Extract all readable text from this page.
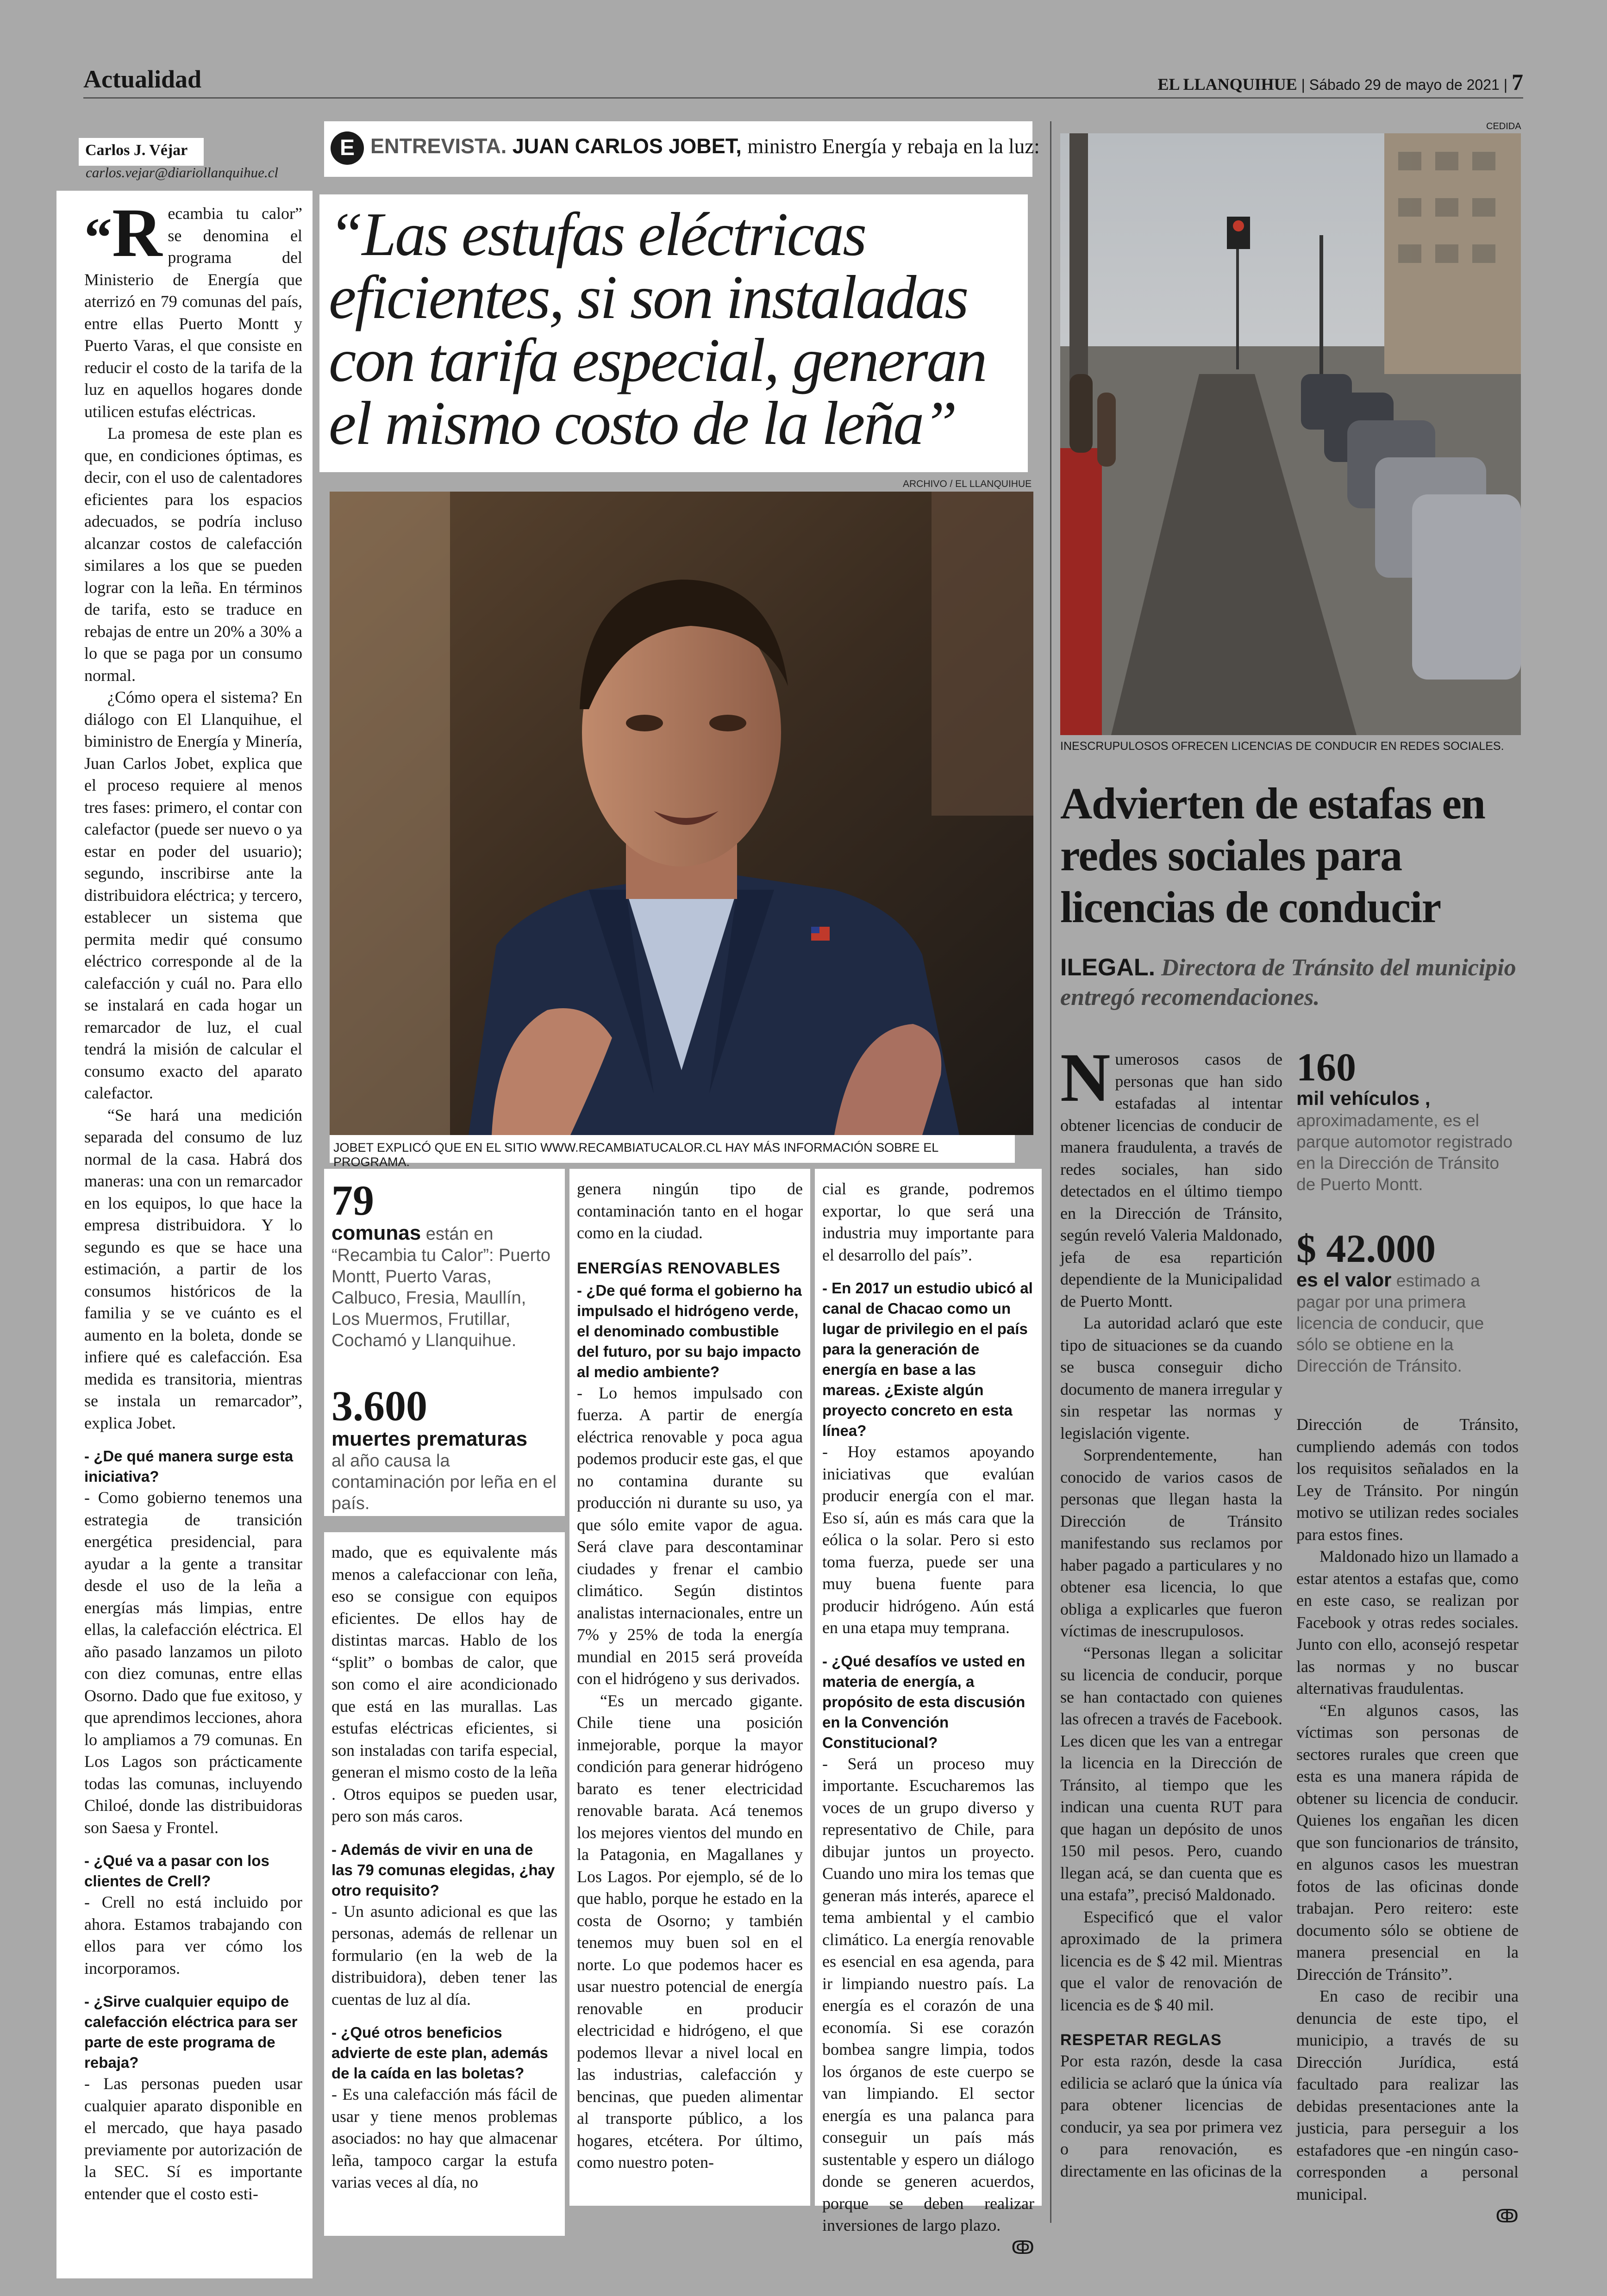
Actualidad	EL LLANQUIHUE | Sábado 29 de mayo de 2021 | 7
Carlos J. Véjar
carlos.vejar@diariollanquihue.cl

“R ecambia tu calor” se denomina el programa del Ministerio de Energía que aterrizó en 79 comunas del país, entre ellas Puerto Montt y Puerto Varas, el que consiste en reducir el costo de la tarifa de la luz en aquellos hogares donde utilicen estufas eléctricas.

La promesa de este plan es que, en condiciones óptimas, es decir, con el uso de calentadores eficientes para los espacios adecuados, se podría incluso alcanzar costos de calefacción similares a los que se pueden lograr con la leña. En términos de tarifa, esto se traduce en rebajas de entre un 20% a 30% a lo que se paga por un consumo normal.

¿Cómo opera el sistema? En diálogo con El Llanquihue, el biministro de Energía y Minería, Juan Carlos Jobet, explica que el proceso requiere al menos tres fases: primero, el contar con calefactor (puede ser nuevo o ya estar en poder del usuario); segundo, inscribirse ante la distribuidora eléctrica; y tercero, establecer un sistema que permita medir qué consumo eléctrico corresponde al de la calefacción y cuál no. Para ello se instalará en cada hogar un remarcador de luz, el cual tendrá la misión de calcular el consumo exacto del aparato calefactor.

“Se hará una medición separada del consumo de luz normal de la casa. Habrá dos maneras: una con un remarcador en los equipos, lo que hace la empresa distribuidora. Y lo segundo es que se hace una estimación, a partir de los consumos históricos de la familia y se ve cuánto es el aumento en la boleta, donde se infiere qué es calefacción. Esa medida es transitoria, mientras se instala un remarcador”, explica Jobet.

- ¿De qué manera surge esta iniciativa?

- Como gobierno tenemos una estrategia de transición energética presidencial, para ayudar a la gente a transitar desde el uso de la leña a energías más limpias, entre ellas, la calefacción eléctrica. El año pasado lanzamos un piloto con diez comunas, entre ellas Osorno. Dado que fue exitoso, y que aprendimos lecciones, ahora lo ampliamos a 79 comunas. En Los Lagos son prácticamente todas las comunas, incluyendo Chiloé, donde las distribuidoras son Saesa y Frontel.

- ¿Qué va a pasar con los clientes de Crell?

- Crell no está incluido por ahora. Estamos trabajando con ellos para ver cómo los incorporamos.

- ¿Sirve cualquier equipo de calefacción eléctrica para ser parte de este programa de rebaja?

- Las personas pueden usar cualquier aparato disponible en el mercado, que haya pasado previamente por autorización de la SEC. Sí es importante entender que el costo esti-

E ENTREVISTA. JUAN CARLOS JOBET, ministro Energía y rebaja en la luz:
“Las estufas eléctricas eficientes, si son instaladas con tarifa especial, generan el mismo costo de la leña”
ARCHIVO / EL LLANQUIHUE
JOBET EXPLICÓ QUE EN EL SITIO WWW.RECAMBIATUCALOR.CL HAY MÁS INFORMACIÓN SOBRE EL PROGRAMA.
79
comunas están en “Recambia tu Calor”: Puerto Montt, Puerto Varas, Calbuco, Fresia, Maullín, Los Muermos, Frutillar, Cochamó y Llanquihue.
3.600
muertes prematuras
al año causa la contaminación por leña en el país.

mado, que es equivalente más menos a calefaccionar con leña, eso se consigue con equipos eficientes. De ellos hay de distintas marcas. Hablo de los “split” o bombas de calor, que son como el aire acondicionado que está en las murallas. Las estufas eléctricas eficientes, si son instaladas con tarifa especial, generan el mismo costo de la leña . Otros equipos se pueden usar, pero son más caros.

- Además de vivir en una de las 79 comunas elegidas, ¿hay otro requisito?

- Un asunto adicional es que las personas, además de rellenar un formulario (en la web de la distribuidora), deben tener las cuentas de luz al día.

- ¿Qué otros beneficios advierte de este plan, además de la caída en las boletas?

- Es una calefacción más fácil de usar y tiene menos problemas asociados: no hay que almacenar leña, tampoco cargar la estufa varias veces al día, no

genera ningún tipo de contaminación tanto en el hogar como en la ciudad.

ENERGÍAS RENOVABLES
- ¿De qué forma el gobierno ha impulsado el hidrógeno verde, el denominado combustible del futuro, por su bajo impacto al medio ambiente?

- Lo hemos impulsado con fuerza. A partir de energía eléctrica renovable y poca agua podemos producir este gas, el que no contamina durante su producción ni durante su uso, ya que sólo emite vapor de agua. Será clave para descontaminar ciudades y frenar el cambio climático. Según distintos analistas internacionales, entre un 7% y 25% de toda la energía mundial en 2015 será proveída con el hidrógeno y sus derivados.

“Es un mercado gigante. Chile tiene una posición inmejorable, porque la mayor condición para generar hidrógeno barato es tener electricidad renovable barata. Acá tenemos los mejores vientos del mundo en la Patagonia, en Magallanes y Los Lagos. Por ejemplo, sé de lo que hablo, porque he estado en la costa de Osorno; y también tenemos muy buen sol en el norte. Lo que podemos hacer es usar nuestro potencial de energía renovable en producir electricidad e hidrógeno, el que podemos llevar a nivel local en las industrias, calefacción y bencinas, que pueden alimentar al transporte público, a los hogares, etcétera. Por último, como nuestro poten-

cial es grande, podremos exportar, lo que será una industria muy importante para el desarrollo del país”.

- En 2017 un estudio ubicó al canal de Chacao como un lugar de privilegio en el país para la generación de energía en base a las mareas. ¿Existe algún proyecto concreto en esta línea?

- Hoy estamos apoyando iniciativas que evalúan producir energía con el mar. Eso sí, aún es más cara que la eólica o la solar. Pero si esto toma fuerza, puede ser una muy buena fuente para producir hidrógeno. Aún está en una etapa muy temprana.

- ¿Qué desafíos ve usted en materia de energía, a propósito de esta discusión en la Convención Constitucional?

- Será un proceso muy importante. Escucharemos las voces de un grupo diverso y representativo de Chile, para dibujar juntos un proyecto. Cuando uno mira los temas que generan más interés, aparece el tema ambiental y el cambio climático. La energía renovable es esencial en esa agenda, para ir limpiando nuestro país. La energía es el corazón de una economía. Si ese corazón bombea sangre limpia, todos los órganos de este cuerpo se van limpiando. El sector energía es una palanca para conseguir un país más sustentable y espero un diálogo donde se generen acuerdos, porque se deben realizar inversiones de largo plazo.

ↂ
CEDIDA
INESCRUPULOSOS OFRECEN LICENCIAS DE CONDUCIR EN REDES SOCIALES.
Advierten de estafas en redes sociales para licencias de conducir
ILEGAL. Directora de Tránsito del municipio entregó recomendaciones.

Numerosos casos de personas que han sido estafadas al intentar obtener licencias de conducir de manera fraudulenta, a través de redes sociales, han sido detectados en el último tiempo en la Dirección de Tránsito, según reveló Valeria Maldonado, jefa de esa repartición dependiente de la Municipalidad de Puerto Montt.

La autoridad aclaró que este tipo de situaciones se da cuando se busca conseguir dicho documento de manera irregular y sin respetar las normas y legislación vigente.

Sorprendentemente, han conocido de varios casos de personas que llegan hasta la Dirección de Tránsito manifestando sus reclamos por haber pagado a particulares y no obtener esa licencia, lo que obliga a explicarles que fueron víctimas de inescrupulosos.

“Personas llegan a solicitar su licencia de conducir, porque se han contactado con quienes las ofrecen a través de Facebook. Les dicen que les van a entregar la licencia en la Dirección de Tránsito, al tiempo que les indican una cuenta RUT para que hagan un depósito de unos 150 mil pesos. Pero, cuando llegan acá, se dan cuenta que es una estafa”, precisó Maldonado.

Especificó que el valor aproximado de la primera licencia es de $ 42 mil. Mientras que el valor de renovación de licencia es de $ 40 mil.

RESPETAR REGLAS

Por esta razón, desde la casa edilicia se aclaró que la única vía para obtener licencias de conducir, ya sea por primera vez o para renovación, es directamente en las oficinas de la

160
mil vehículos , aproximadamente, es el parque automotor registrado en la Dirección de Tránsito de Puerto Montt.
$ 42.000
es el valor estimado a pagar por una primera licencia de conducir, que sólo se obtiene en la Dirección de Tránsito.

Dirección de Tránsito, cumpliendo además con todos los requisitos señalados en la Ley de Tránsito. Por ningún motivo se utilizan redes sociales para estos fines.

Maldonado hizo un llamado a estar atentos a estafas que, como en este caso, se realizan por Facebook y otras redes sociales. Junto con ello, aconsejó respetar las normas y no buscar alternativas fraudulentas.

“En algunos casos, las víctimas son personas de sectores rurales que creen que esta es una manera rápida de obtener su licencia de conducir. Quienes los engañan les dicen que son funcionarios de tránsito, en algunos casos les muestran fotos de las oficinas donde trabajan. Pero reitero: este documento sólo se obtiene de manera presencial en la Dirección de Tránsito”.

En caso de recibir una denuncia de este tipo, el municipio, a través de su Dirección Jurídica, está facultado para realizar las debidas presentaciones ante la justicia, para perseguir a los estafadores que -en ningún caso- corresponden a personal municipal.

ↂ
